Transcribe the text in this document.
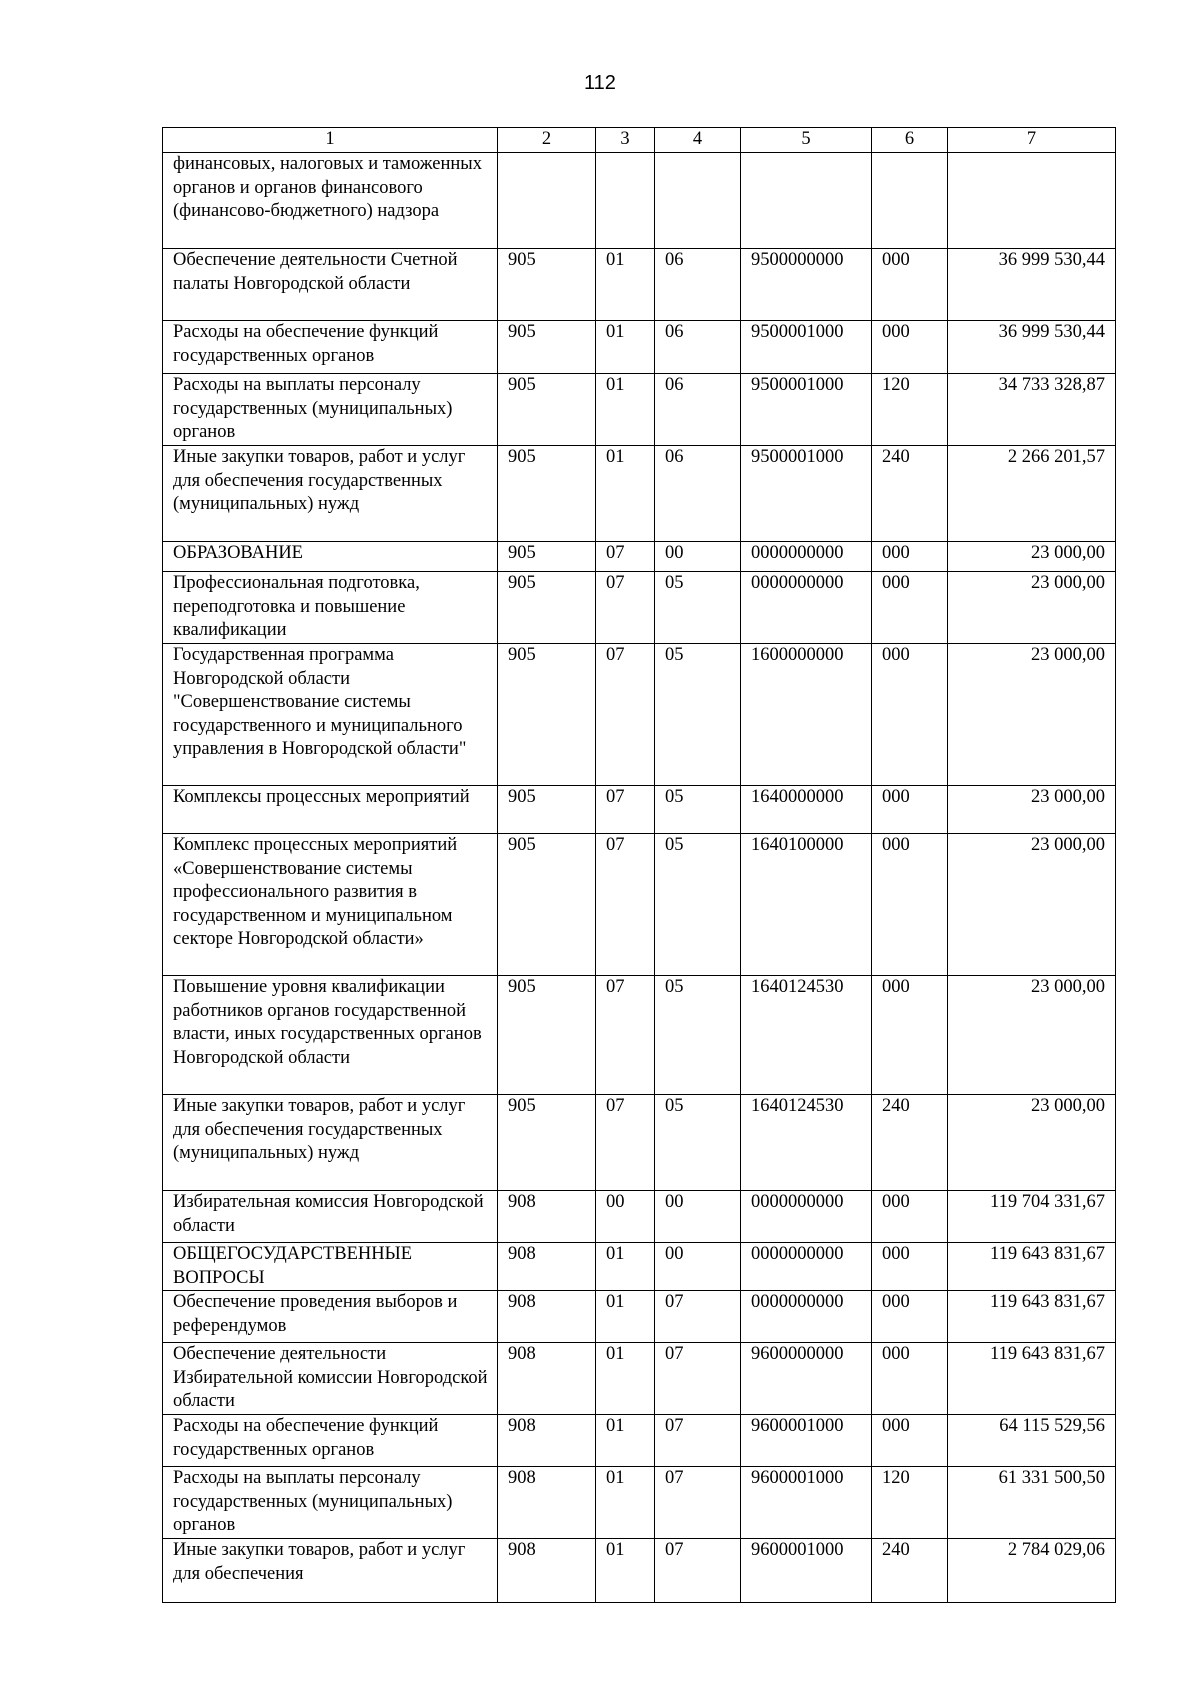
112
1	2	3	4	5	6	7
финансовых, налоговых и таможенных органов и органов финансового (финансово-бюджетного) надзора						
Обеспечение деятельности Счетной палаты Новгородской области	905	01	06	9500000000	000	36 999 530,44
Расходы на обеспечение функций государственных органов	905	01	06	9500001000	000	36 999 530,44
Расходы на выплаты персоналу государственных (муниципальных) органов	905	01	06	9500001000	120	34 733 328,87
Иные закупки товаров, работ и услуг для обеспечения государственных (муниципальных) нужд	905	01	06	9500001000	240	2 266 201,57
ОБРАЗОВАНИЕ	905	07	00	0000000000	000	23 000,00
Профессиональная подготовка, переподготовка и повышение квалификации	905	07	05	0000000000	000	23 000,00
Государственная программа Новгородской области "Совершенствование системы государственного и муниципального управления в Новгородской области"	905	07	05	1600000000	000	23 000,00
Комплексы процессных мероприятий	905	07	05	1640000000	000	23 000,00
Комплекс процессных мероприятий «Совершенствование системы профессионального развития в государственном и муниципальном секторе Новгородской области»	905	07	05	1640100000	000	23 000,00
Повышение уровня квалификации работников органов государственной власти, иных государственных органов Новгородской области	905	07	05	1640124530	000	23 000,00
Иные закупки товаров, работ и услуг для обеспечения государственных (муниципальных) нужд	905	07	05	1640124530	240	23 000,00
Избирательная комиссия Новгородской области	908	00	00	0000000000	000	119 704 331,67
ОБЩЕГОСУДАРСТВЕННЫЕ ВОПРОСЫ	908	01	00	0000000000	000	119 643 831,67
Обеспечение проведения выборов и референдумов	908	01	07	0000000000	000	119 643 831,67
Обеспечение деятельности Избирательной комиссии Новгородской области	908	01	07	9600000000	000	119 643 831,67
Расходы на обеспечение функций государственных органов	908	01	07	9600001000	000	64 115 529,56
Расходы на выплаты персоналу государственных (муниципальных) органов	908	01	07	9600001000	120	61 331 500,50
Иные закупки товаров, работ и услуг для обеспечения	908	01	07	9600001000	240	2 784 029,06
